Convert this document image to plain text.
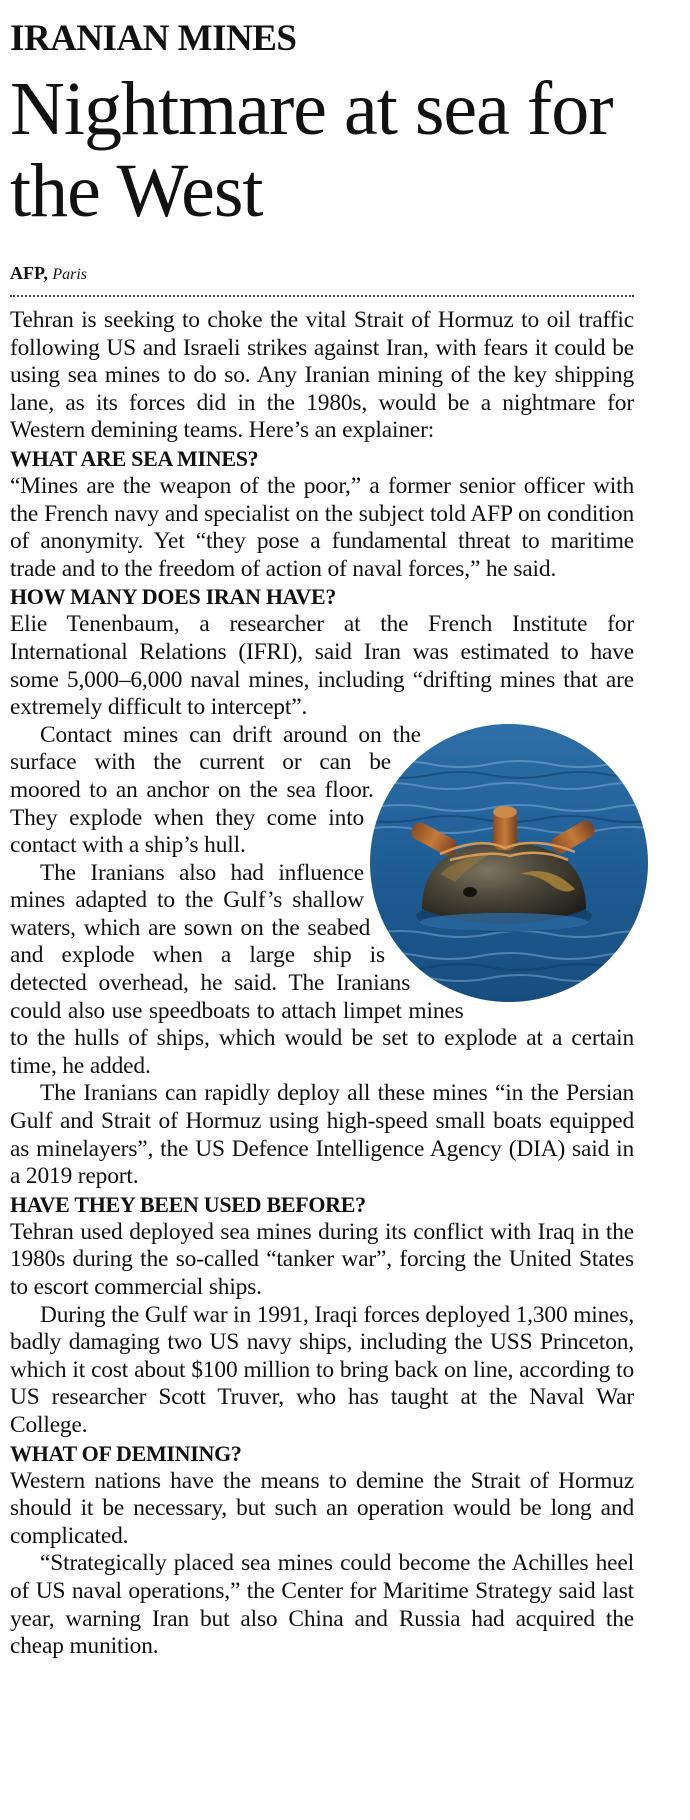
IRANIAN MINES
Nightmare at sea for the West
AFP, Paris

Tehran is seeking to choke the vital Strait of Hormuz to oil traffic following US and Israeli strikes against Iran, with fears it could be using sea mines to do so. Any Iranian mining of the key shipping lane, as its forces did in the 1980s, would be a nightmare for Western demining teams. Here’s an explainer:

WHAT ARE SEA MINES?

“Mines are the weapon of the poor,” a former senior officer with the French navy and specialist on the subject told AFP on condition of anonymity. Yet “they pose a fundamental threat to maritime trade and to the freedom of action of naval forces,” he said.

HOW MANY DOES IRAN HAVE?

Elie Tenenbaum, a researcher at the French Institute for International Relations (IFRI), said Iran was estimated to have some 5,000–6,000 naval mines, including “drifting mines that are extremely difficult to intercept”.

Contact mines can drift around on the surface with the current or can be moored to an anchor on the sea floor. They explode when they come into contact with a ship’s hull.

The Iranians also had influence mines adapted to the Gulf’s shallow waters, which are sown on the seabed and explode when a large ship is detected overhead, he said. The Iranians could also use speedboats to attach limpet mines to the hulls of ships, which would be set to explode at a certain time, he added.

The Iranians can rapidly deploy all these mines “in the Persian Gulf and Strait of Hormuz using high-speed small boats equipped as minelayers”, the US Defence Intelligence Agency (DIA) said in a 2019 report.

HAVE THEY BEEN USED BEFORE?

Tehran used deployed sea mines during its conflict with Iraq in the 1980s during the so-called “tanker war”, forcing the United States to escort commercial ships.

During the Gulf war in 1991, Iraqi forces deployed 1,300 mines, badly damaging two US navy ships, including the USS Princeton, which it cost about $100 million to bring back on line, according to US researcher Scott Truver, who has taught at the Naval War College.

WHAT OF DEMINING?

Western nations have the means to demine the Strait of Hormuz should it be necessary, but such an operation would be long and complicated.

“Strategically placed sea mines could become the Achilles heel of US naval operations,” the Center for Maritime Strategy said last year, warning Iran but also China and Russia had acquired the cheap munition.
